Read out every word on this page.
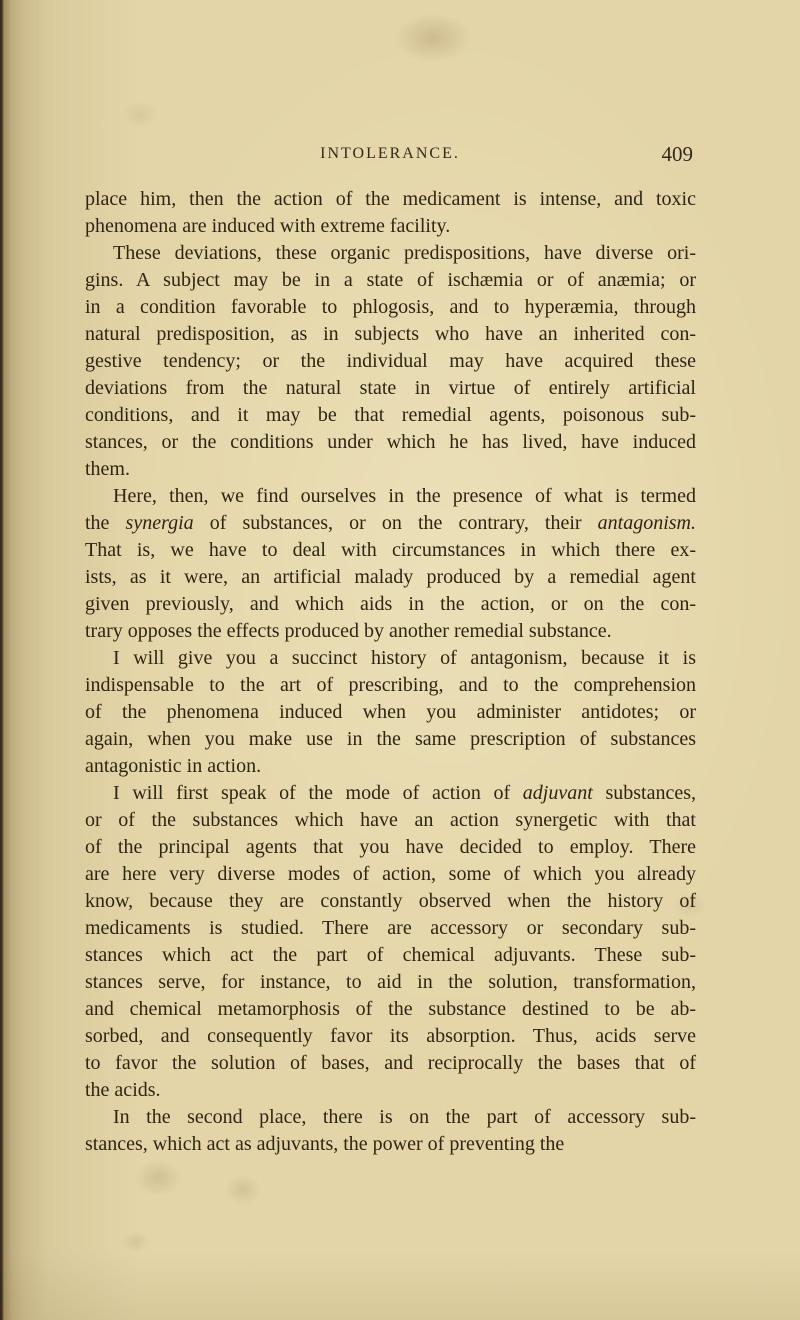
INTOLERANCE.	409
place him, then the action of the medicament is intense, and toxic
phenomena are induced with extreme facility.
These deviations, these organic predispositions, have diverse ori-
gins. A subject may be in a state of ischæmia or of anæmia; or
in a condition favorable to phlogosis, and to hyperæmia, through
natural predisposition, as in subjects who have an inherited con-
gestive tendency; or the individual may have acquired these
deviations from the natural state in virtue of entirely artificial
conditions, and it may be that remedial agents, poisonous sub-
stances, or the conditions under which he has lived, have induced
them.
Here, then, we find ourselves in the presence of what is termed
the synergia of substances, or on the contrary, their antagonism.
That is, we have to deal with circumstances in which there ex-
ists, as it were, an artificial malady produced by a remedial agent
given previously, and which aids in the action, or on the con-
trary opposes the effects produced by another remedial substance.
I will give you a succinct history of antagonism, because it is
indispensable to the art of prescribing, and to the comprehension
of the phenomena induced when you administer antidotes; or
again, when you make use in the same prescription of substances
antagonistic in action.
I will first speak of the mode of action of adjuvant substances,
or of the substances which have an action synergetic with that
of the principal agents that you have decided to employ. There
are here very diverse modes of action, some of which you already
know, because they are constantly observed when the history of
medicaments is studied. There are accessory or secondary sub-
stances which act the part of chemical adjuvants. These sub-
stances serve, for instance, to aid in the solution, transformation,
and chemical metamorphosis of the substance destined to be ab-
sorbed, and consequently favor its absorption. Thus, acids serve
to favor the solution of bases, and reciprocally the bases that of
the acids.
In the second place, there is on the part of accessory sub-
stances, which act as adjuvants, the power of preventing the
